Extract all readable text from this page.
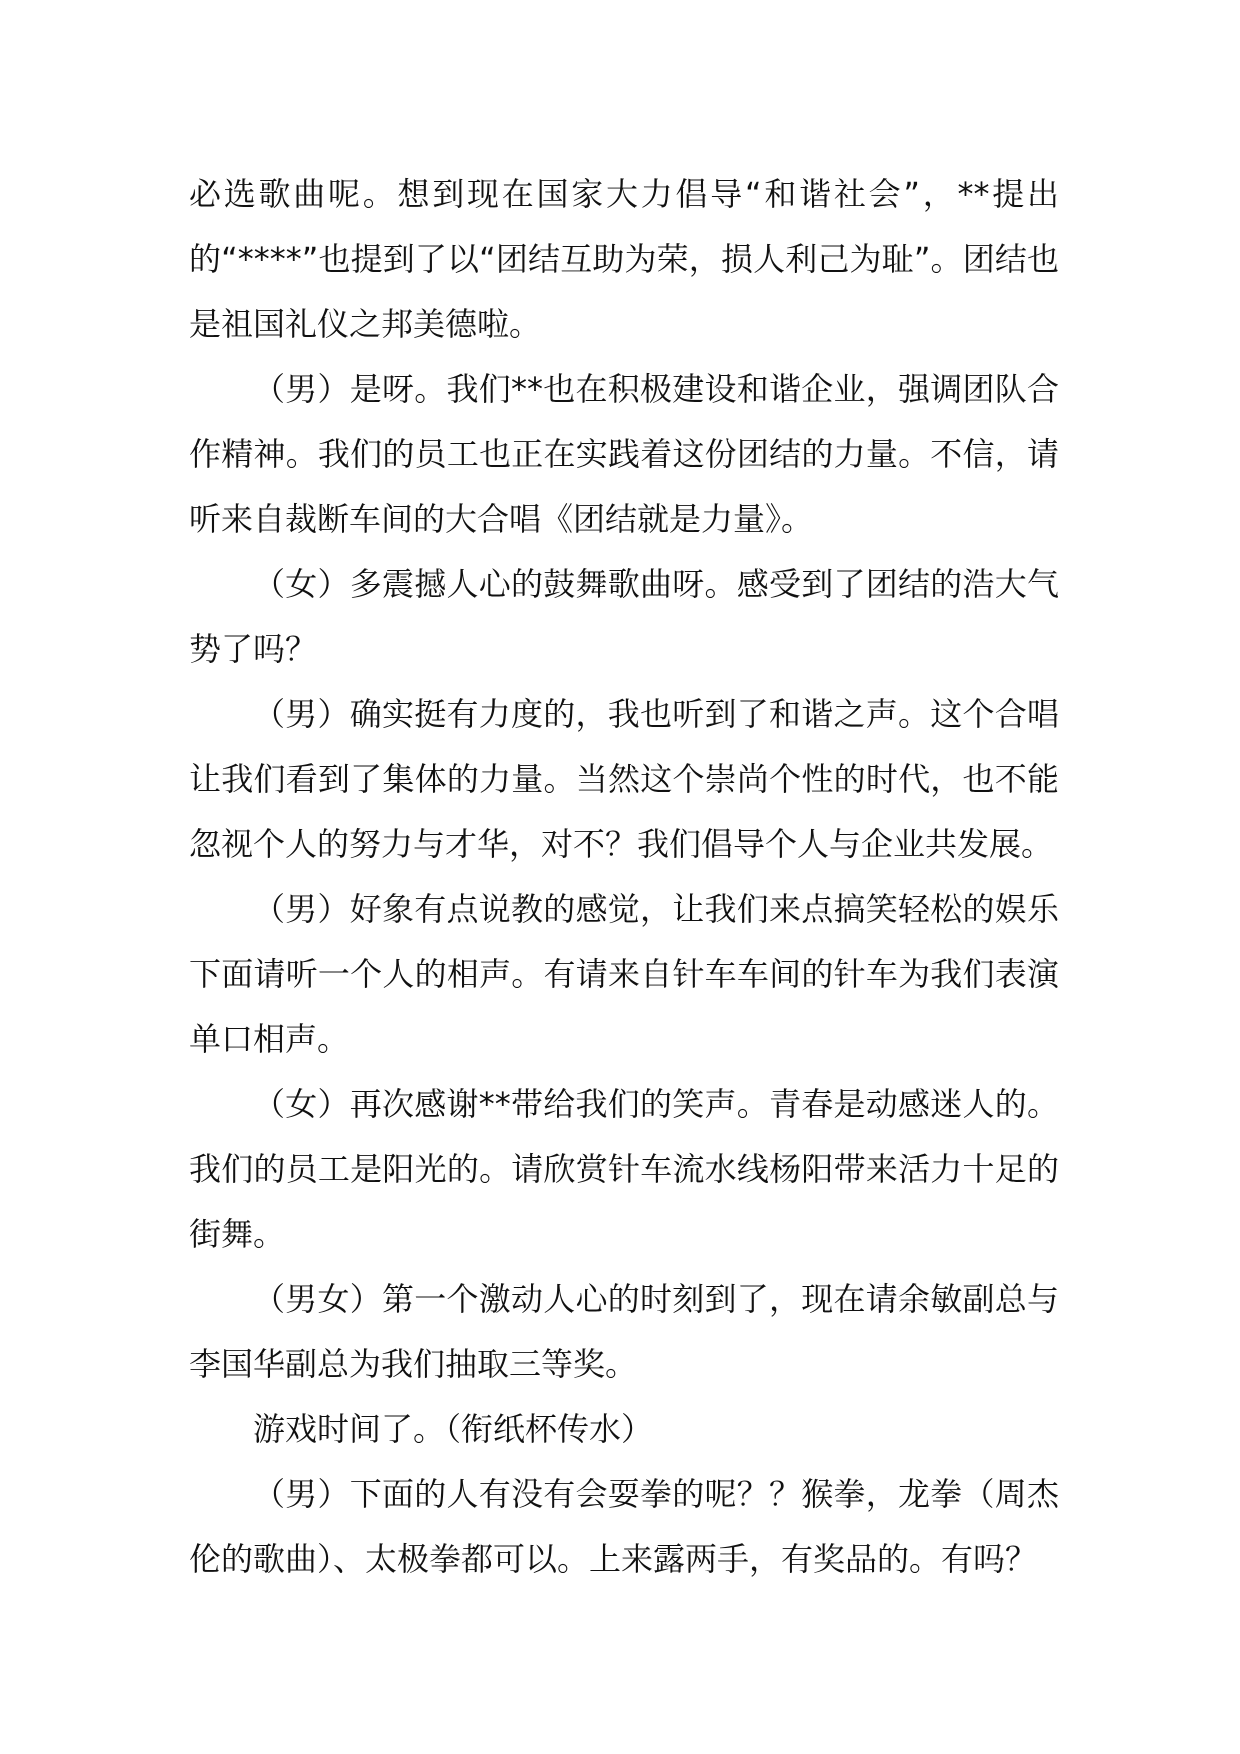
必选歌曲呢。想到现在国家大力倡导“和谐社会”，**提出的“****”也提到了以“团结互助为荣，损人利己为耻”。团结也是祖国礼仪之邦美德啦。

（男）是呀。我们**也在积极建设和谐企业，强调团队合作精神。我们的员工也正在实践着这份团结的力量。不信，请听来自裁断车间的大合唱《团结就是力量》。

（女）多震撼人心的鼓舞歌曲呀。感受到了团结的浩大气势了吗？

（男）确实挺有力度的，我也听到了和谐之声。这个合唱让我们看到了集体的力量。当然这个崇尚个性的时代，也不能忽视个人的努力与才华，对不？我们倡导个人与企业共发展。

（男）好象有点说教的感觉，让我们来点搞笑轻松的娱乐下面请听一个人的相声。有请来自针车车间的针车为我们表演单口相声。

（女）再次感谢**带给我们的笑声。青春是动感迷人的。我们的员工是阳光的。请欣赏针车流水线杨阳带来活力十足的街舞。

（男女）第一个激动人心的时刻到了，现在请余敏副总与李国华副总为我们抽取三等奖。

游戏时间了。（衔纸杯传水）

（男）下面的人有没有会耍拳的呢？？猴拳，龙拳（周杰伦的歌曲）、太极拳都可以。上来露两手，有奖品的。有吗？
